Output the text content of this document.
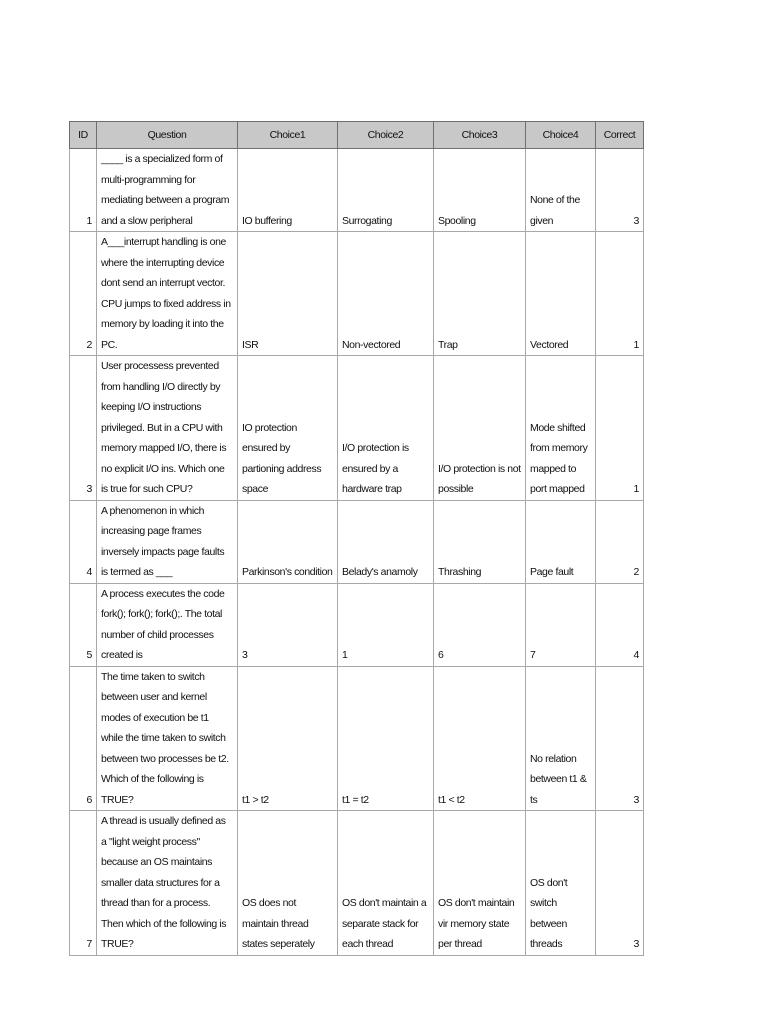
ID	Question	Choice1	Choice2	Choice3	Choice4	Correct
1	____ is a specialized form of multi-programming for mediating between a program and a slow peripheral	IO buffering	Surrogating	Spooling	None of the given	3
2	A___interrupt handling is one where the interrupting device dont send an interrupt vector. CPU jumps to fixed address in memory by loading it into the PC.	ISR	Non-vectored	Trap	Vectored	1
3	User processess prevented from handling I/O directly by keeping I/O instructions privileged. But in a CPU with memory mapped I/O, there is no explicit I/O ins. Which one is true for such CPU?	IO protection ensured by partioning address space	I/O protection is ensured by a hardware trap	I/O protection is not possible	Mode shifted from memory mapped to port mapped	1
4	A phenomenon in which increasing page frames inversely impacts page faults is termed as ___	Parkinson's condition	Belady's anamoly	Thrashing	Page fault	2
5	A process executes the code fork(); fork(); fork();. The total number of child processes created is	3	1	6	7	4
6	The time taken to switch between user and kernel modes of execution be t1 while the time taken to switch between two processes be t2. Which of the following is TRUE?	t1 > t2	t1 = t2	t1 < t2	No relation between t1 & ts	3
7	A thread is usually defined as a "light weight process" because an OS maintains smaller data structures for a thread than for a process. Then which of the following is TRUE?	OS does not maintain thread states seperately	OS don't maintain a separate stack for each thread	OS don't maintain vir memory state per thread	OS don't switch between threads	3
